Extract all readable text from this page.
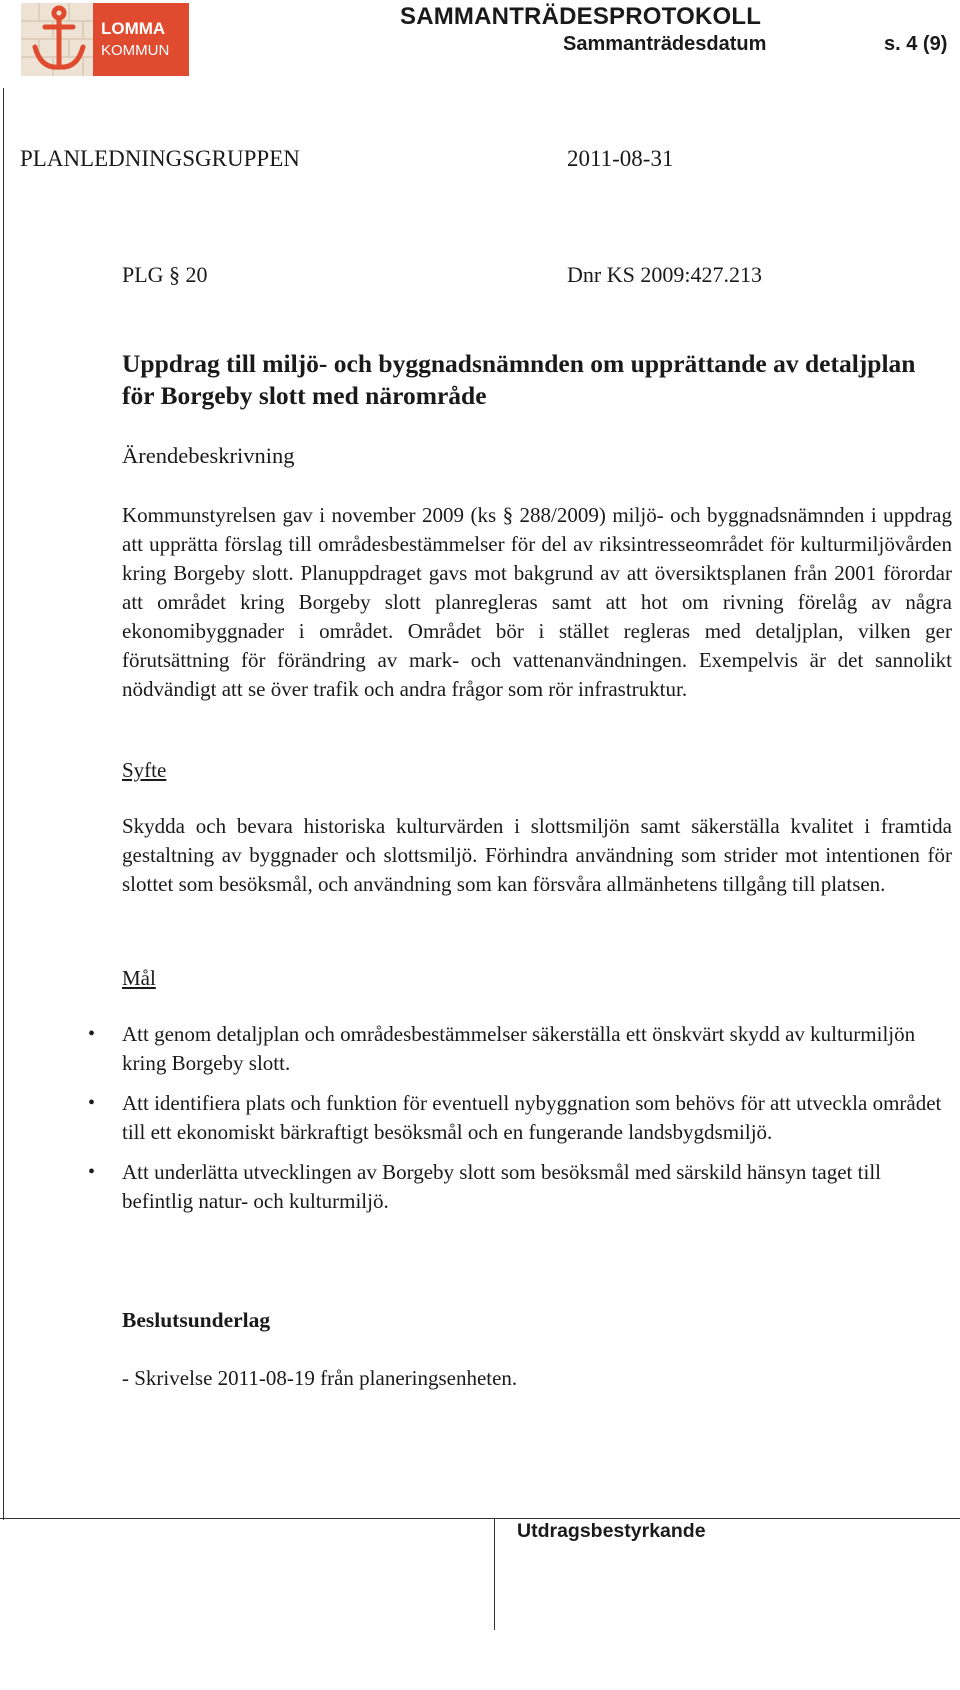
LOMMA
KOMMUN
SAMMANTRÄDESPROTOKOLL
Sammanträdesdatum	s. 4 (9)
PLANLEDNINGSGRUPPEN	2011-08-31
PLG § 20	Dnr KS 2009:427.213
Uppdrag till miljö- och byggnadsnämnden om upprättande av detaljplan för Borgeby slott med närområde
Ärendebeskrivning

Kommunstyrelsen gav i november 2009 (ks § 288/2009) miljö- och byggnadsnämnden i uppdrag att upprätta förslag till områdesbestämmelser för del av riksintresseområdet för kulturmiljövården kring Borgeby slott. Planuppdraget gavs mot bakgrund av att översiktsplanen från 2001 förordar att området kring Borgeby slott planregleras samt att hot om rivning förelåg av några ekonomibyggnader i området. Området bör i stället regleras med detaljplan, vilken ger förutsättning för förändring av mark- och vattenanvändningen. Exempelvis är det sannolikt nödvändigt att se över trafik och andra frågor som rör infrastruktur.

Syfte

Skydda och bevara historiska kulturvärden i slottsmiljön samt säkerställa kvalitet i framtida gestaltning av byggnader och slottsmiljö. Förhindra användning som strider mot intentionen för slottet som besöksmål, och användning som kan försvåra allmänhetens tillgång till platsen.

Mål
•	Att genom detaljplan och områdesbestämmelser säkerställa ett önskvärt skydd av kulturmiljön kring Borgeby slott.
•	Att identifiera plats och funktion för eventuell nybyggnation som behövs för att utveckla området till ett ekonomiskt bärkraftigt besöksmål och en fungerande landsbygdsmiljö.
•	Att underlätta utvecklingen av Borgeby slott som besöksmål med särskild hänsyn taget till befintlig natur- och kulturmiljö.
Beslutsunderlag
- Skrivelse 2011-08-19 från planeringsenheten.
Utdragsbestyrkande
